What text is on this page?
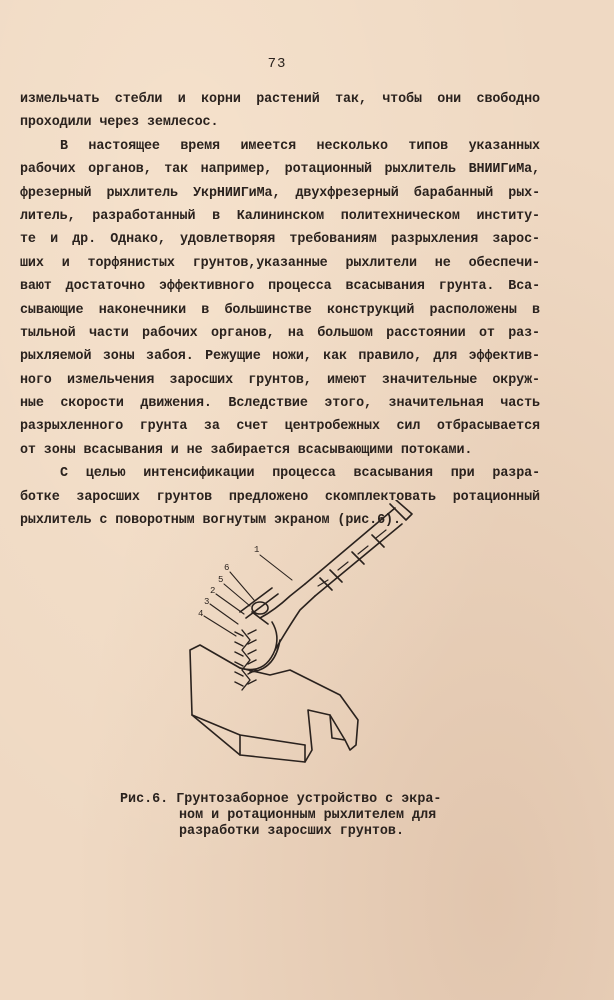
73
измельчать стебли и корни растений так, чтобы они свободно
проходили через землесос.
В настоящее время имеется несколько типов указанных
рабочих органов, так например, ротационный рыхлитель ВНИИГиМа,
фрезерный рыхлитель УкрНИИГиМа, двухфрезерный барабанный рых-
литель, разработанный в Калининском политехническом институ-
те и др. Однако, удовлетворяя требованиям разрыхления зарос-
ших и торфянистых грунтов,указанные рыхлители не обеспечи-
вают достаточно эффективного процесса всасывания грунта. Вса-
сывающие наконечники в большинстве конструкций расположены в
тыльной части рабочих органов, на большом расстоянии от раз-
рыхляемой зоны забоя. Режущие ножи, как правило, для эффектив-
ного измельчения заросших грунтов, имеют значительные окруж-
ные скорости движения. Вследствие этого, значительная часть
разрыхленного грунта за счет центробежных сил отбрасывается
от зоны всасывания и не забирается всасывающими потоками.
С целью интенсификации процесса всасывания при разра-
ботке заросших грунтов предложено скомплектовать ротационный
рыхлитель с поворотным вогнутым экраном (рис.6).
1
6
5
2
3
4
Рис.6. Грунтозаборное устройство с экра-
ном и ротационным рыхлителем для
разработки заросших грунтов.
